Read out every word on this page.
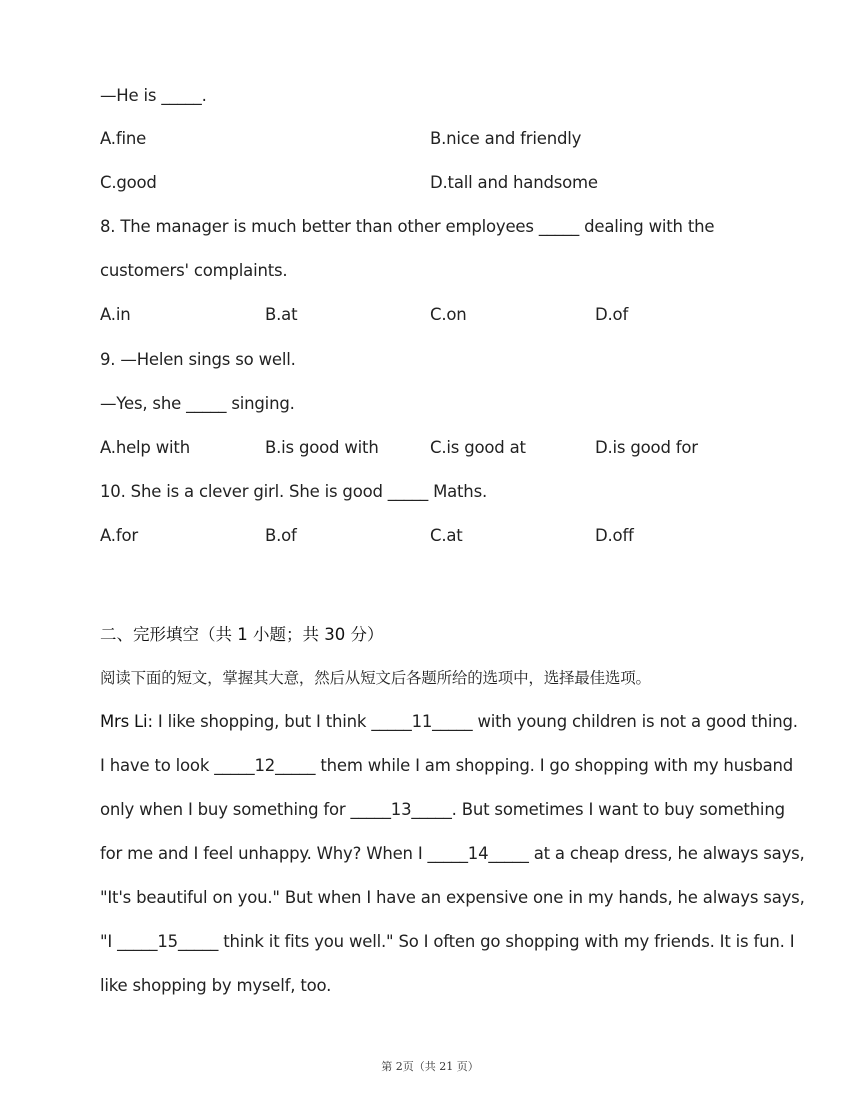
—He is _____.
A.fine	B.nice and friendly
C.good	D.tall and handsome
8. The manager is much better than other employees _____ dealing with the
customers' complaints.
A.in	B.at	C.on	D.of
9. —Helen sings so well.
—Yes, she _____ singing.
A.help with	B.is good with	C.is good at	D.is good for
10. She is a clever girl. She is good _____ Maths.
A.for	B.of	C.at	D.off
二、完形填空（共 1 小题；共 30 分）
阅读下面的短文，掌握其大意，然后从短文后各题所给的选项中，选择最佳选项。
Mrs Li: I like shopping, but I think _____11_____ with young children is not a good thing.
I have to look _____12_____ them while I am shopping. I go shopping with my husband
only when I buy something for _____13_____. But sometimes I want to buy something
for me and I feel unhappy. Why? When I _____14_____ at a cheap dress, he always says,
"It's beautiful on you." But when I have an expensive one in my hands, he always says,
"I _____15_____ think it fits you well." So I often go shopping with my friends. It is fun. I
like shopping by myself, too.
第 2页（共 21 页）
